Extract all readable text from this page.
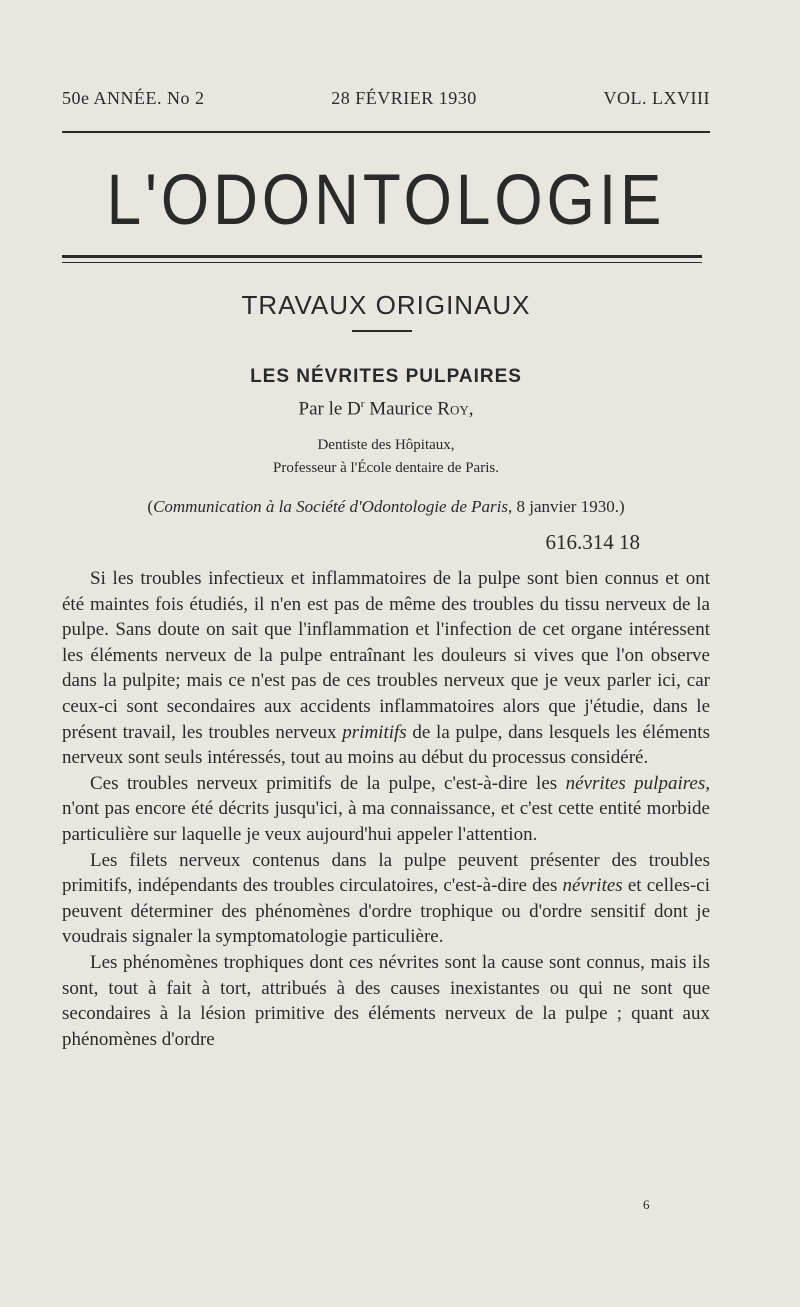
50e ANNÉE. No 2	28 FÉVRIER 1930	VOL. LXVIII
L'ODONTOLOGIE
TRAVAUX ORIGINAUX
LES NÉVRITES PULPAIRES
Par le $D^r$ Maurice Roy,
Dentiste des Hôpitaux,
Professeur à l'École dentaire de Paris.
(Communication à la Société d'Odontologie de Paris, 8 janvier 1930.)
616.314 18

Si les troubles infectieux et inflammatoires de la pulpe sont bien connus et ont été maintes fois étudiés, il n'en est pas de même des troubles du tissu nerveux de la pulpe. Sans doute on sait que l'inflammation et l'infection de cet organe intéressent les éléments nerveux de la pulpe entraînant les douleurs si vives que l'on observe dans la pulpite; mais ce n'est pas de ces troubles nerveux que je veux parler ici, car ceux-ci sont secondaires aux accidents inflammatoires alors que j'étudie, dans le présent travail, les troubles nerveux primitifs de la pulpe, dans lesquels les éléments nerveux sont seuls intéressés, tout au moins au début du processus considéré.

Ces troubles nerveux primitifs de la pulpe, c'est-à-dire les névrites pulpaires, n'ont pas encore été décrits jusqu'ici, à ma connaissance, et c'est cette entité morbide particulière sur laquelle je veux aujourd'hui appeler l'attention.

Les filets nerveux contenus dans la pulpe peuvent présenter des troubles primitifs, indépendants des troubles circulatoires, c'est-à-dire des névrites et celles-ci peuvent déterminer des phénomènes d'ordre trophique ou d'ordre sensitif dont je voudrais signaler la symptomatologie particulière.

Les phénomènes trophiques dont ces névrites sont la cause sont connus, mais ils sont, tout à fait à tort, attribués à des causes inexistantes ou qui ne sont que secondaires à la lésion primitive des éléments nerveux de la pulpe ; quant aux phénomènes d'ordre

6
